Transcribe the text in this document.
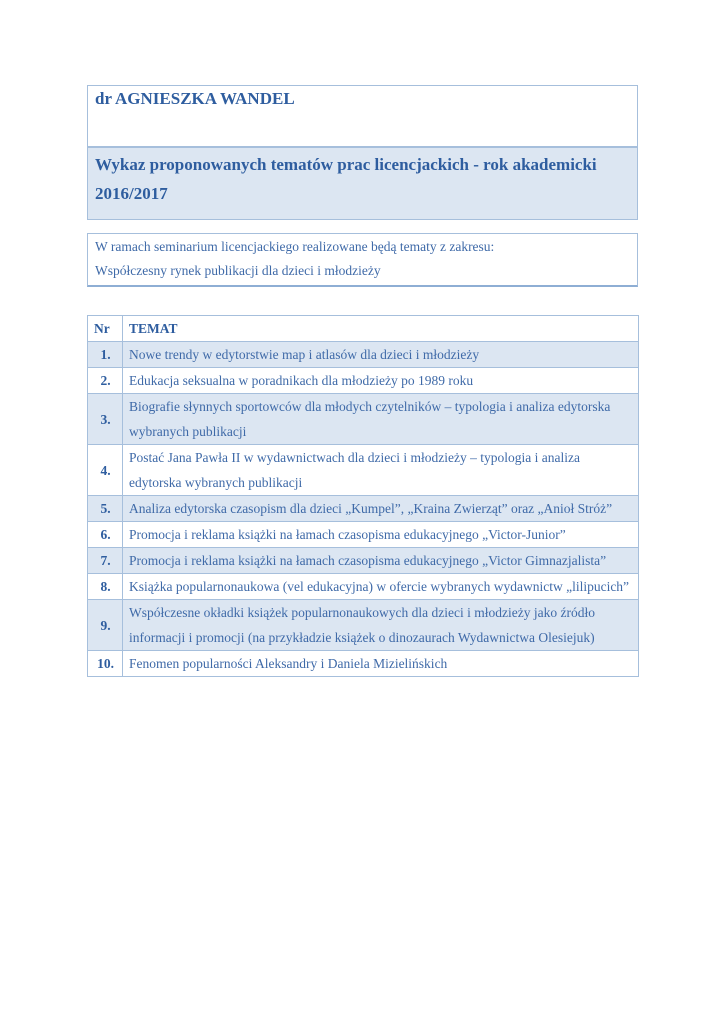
dr AGNIESZKA WANDEL
Wykaz proponowanych tematów prac licencjackich - rok akademicki 2016/2017
W ramach seminarium licencjackiego realizowane będą tematy z zakresu:
Współczesny rynek publikacji dla dzieci i młodzieży
Nr	TEMAT
1.	Nowe trendy w edytorstwie map i atlasów dla dzieci i młodzieży
2.	Edukacja seksualna w poradnikach dla młodzieży po 1989 roku
3.	Biografie słynnych sportowców dla młodych czytelników – typologia i analiza edytorska wybranych publikacji
4.	Postać Jana Pawła II w wydawnictwach dla dzieci i młodzieży – typologia i analiza edytorska wybranych publikacji
5.	Analiza edytorska czasopism dla dzieci „Kumpel”, „Kraina Zwierząt” oraz „Anioł Stróż”
6.	Promocja i reklama książki na łamach czasopisma edukacyjnego „Victor-Junior”
7.	Promocja i reklama książki na łamach czasopisma edukacyjnego „Victor Gimnazjalista”
8.	Książka popularnonaukowa (vel edukacyjna) w ofercie wybranych wydawnictw „lilipucich”
9.	Współczesne okładki książek popularnonaukowych dla dzieci i młodzieży jako źródło informacji i promocji (na przykładzie książek o dinozaurach Wydawnictwa Olesiejuk)
10.	Fenomen popularności Aleksandry i Daniela Mizielińskich
